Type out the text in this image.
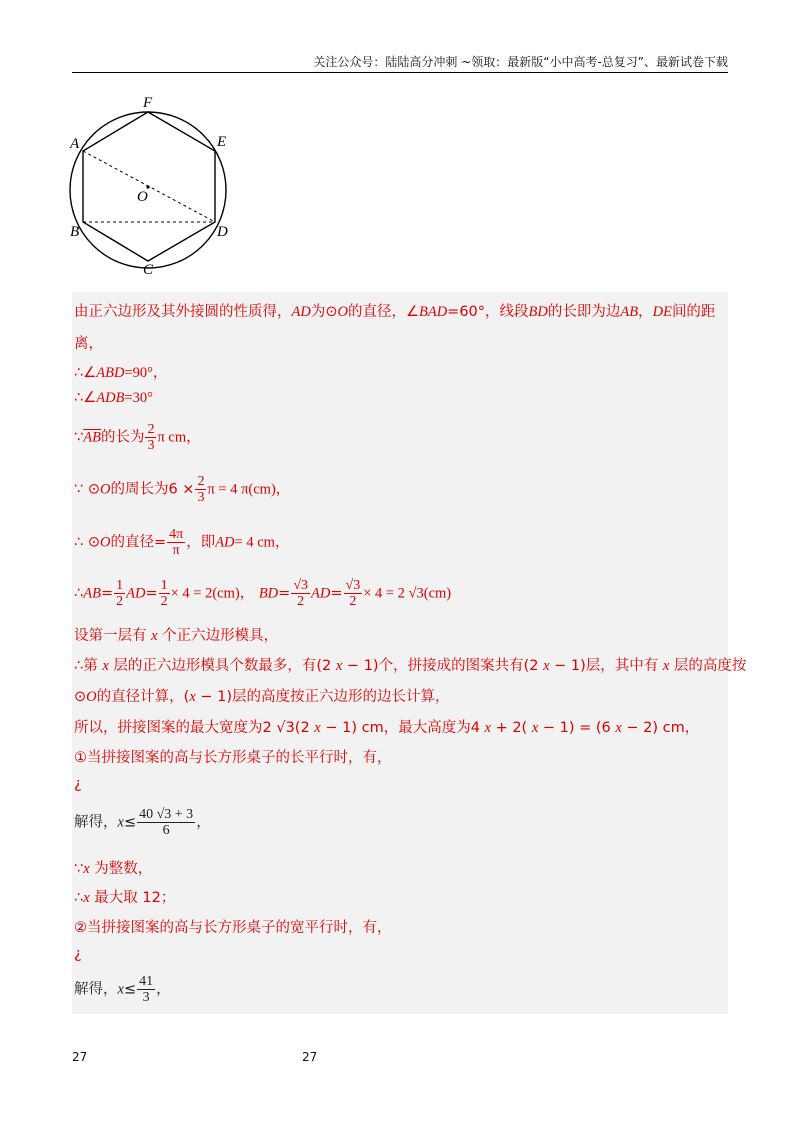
关注公众号：陆陆高分冲刺 ~领取：最新版“小中高考-总复习”、最新试卷下载
F
A	E
O
B	D
C
由正六边形及其外接圆的性质得，AD为⊙O的直径，∠BAD=60°，线段BD的长即为边AB，DE间的距
离，
∴∠ABD=90°，
∴∠ADB=30°
$\because\overline{AB}$的长为 $\frac{2}{3}$ π cm，
∵ ⊙O的周长为$6 \times \frac{2}{3}$ π = 4 π(cm)，
∴ ⊙O的直径= $\frac{4\pi}{\pi}$ ，即AD= 4 cm，
∴AB= $\frac{1}{2} AD= \frac{1}{2} \times 4 = 2(cm)$， $BD= \frac{√3}{2} AD= \frac{√3}{2} \times 4 = 2$ √3(cm)
设第一层有 x 个正六边形模具，
∴第 x 层的正六边形模具个数最多，有(2 x − 1)个，拼接成的图案共有(2 x − 1)层，其中有 x 层的高度按
⊙O的直径计算，(x − 1)层的高度按正六边形的边长计算，
所以，拼接图案的最大宽度为2 √3(2 x − 1) cm，最大高度为4 x + 2( x − 1) = (6 x − 2) cm，
①当拼接图案的高与长方形桌子的长平行时，有，
¿
解得，$x\le \frac{40 √3 + 3}{6}$ ，
∵x 为整数，
∴x 最大取 12；
②当拼接图案的高与长方形桌子的宽平行时，有，
¿
解得，$x\le \frac{41}{3}$ ，
27	27
